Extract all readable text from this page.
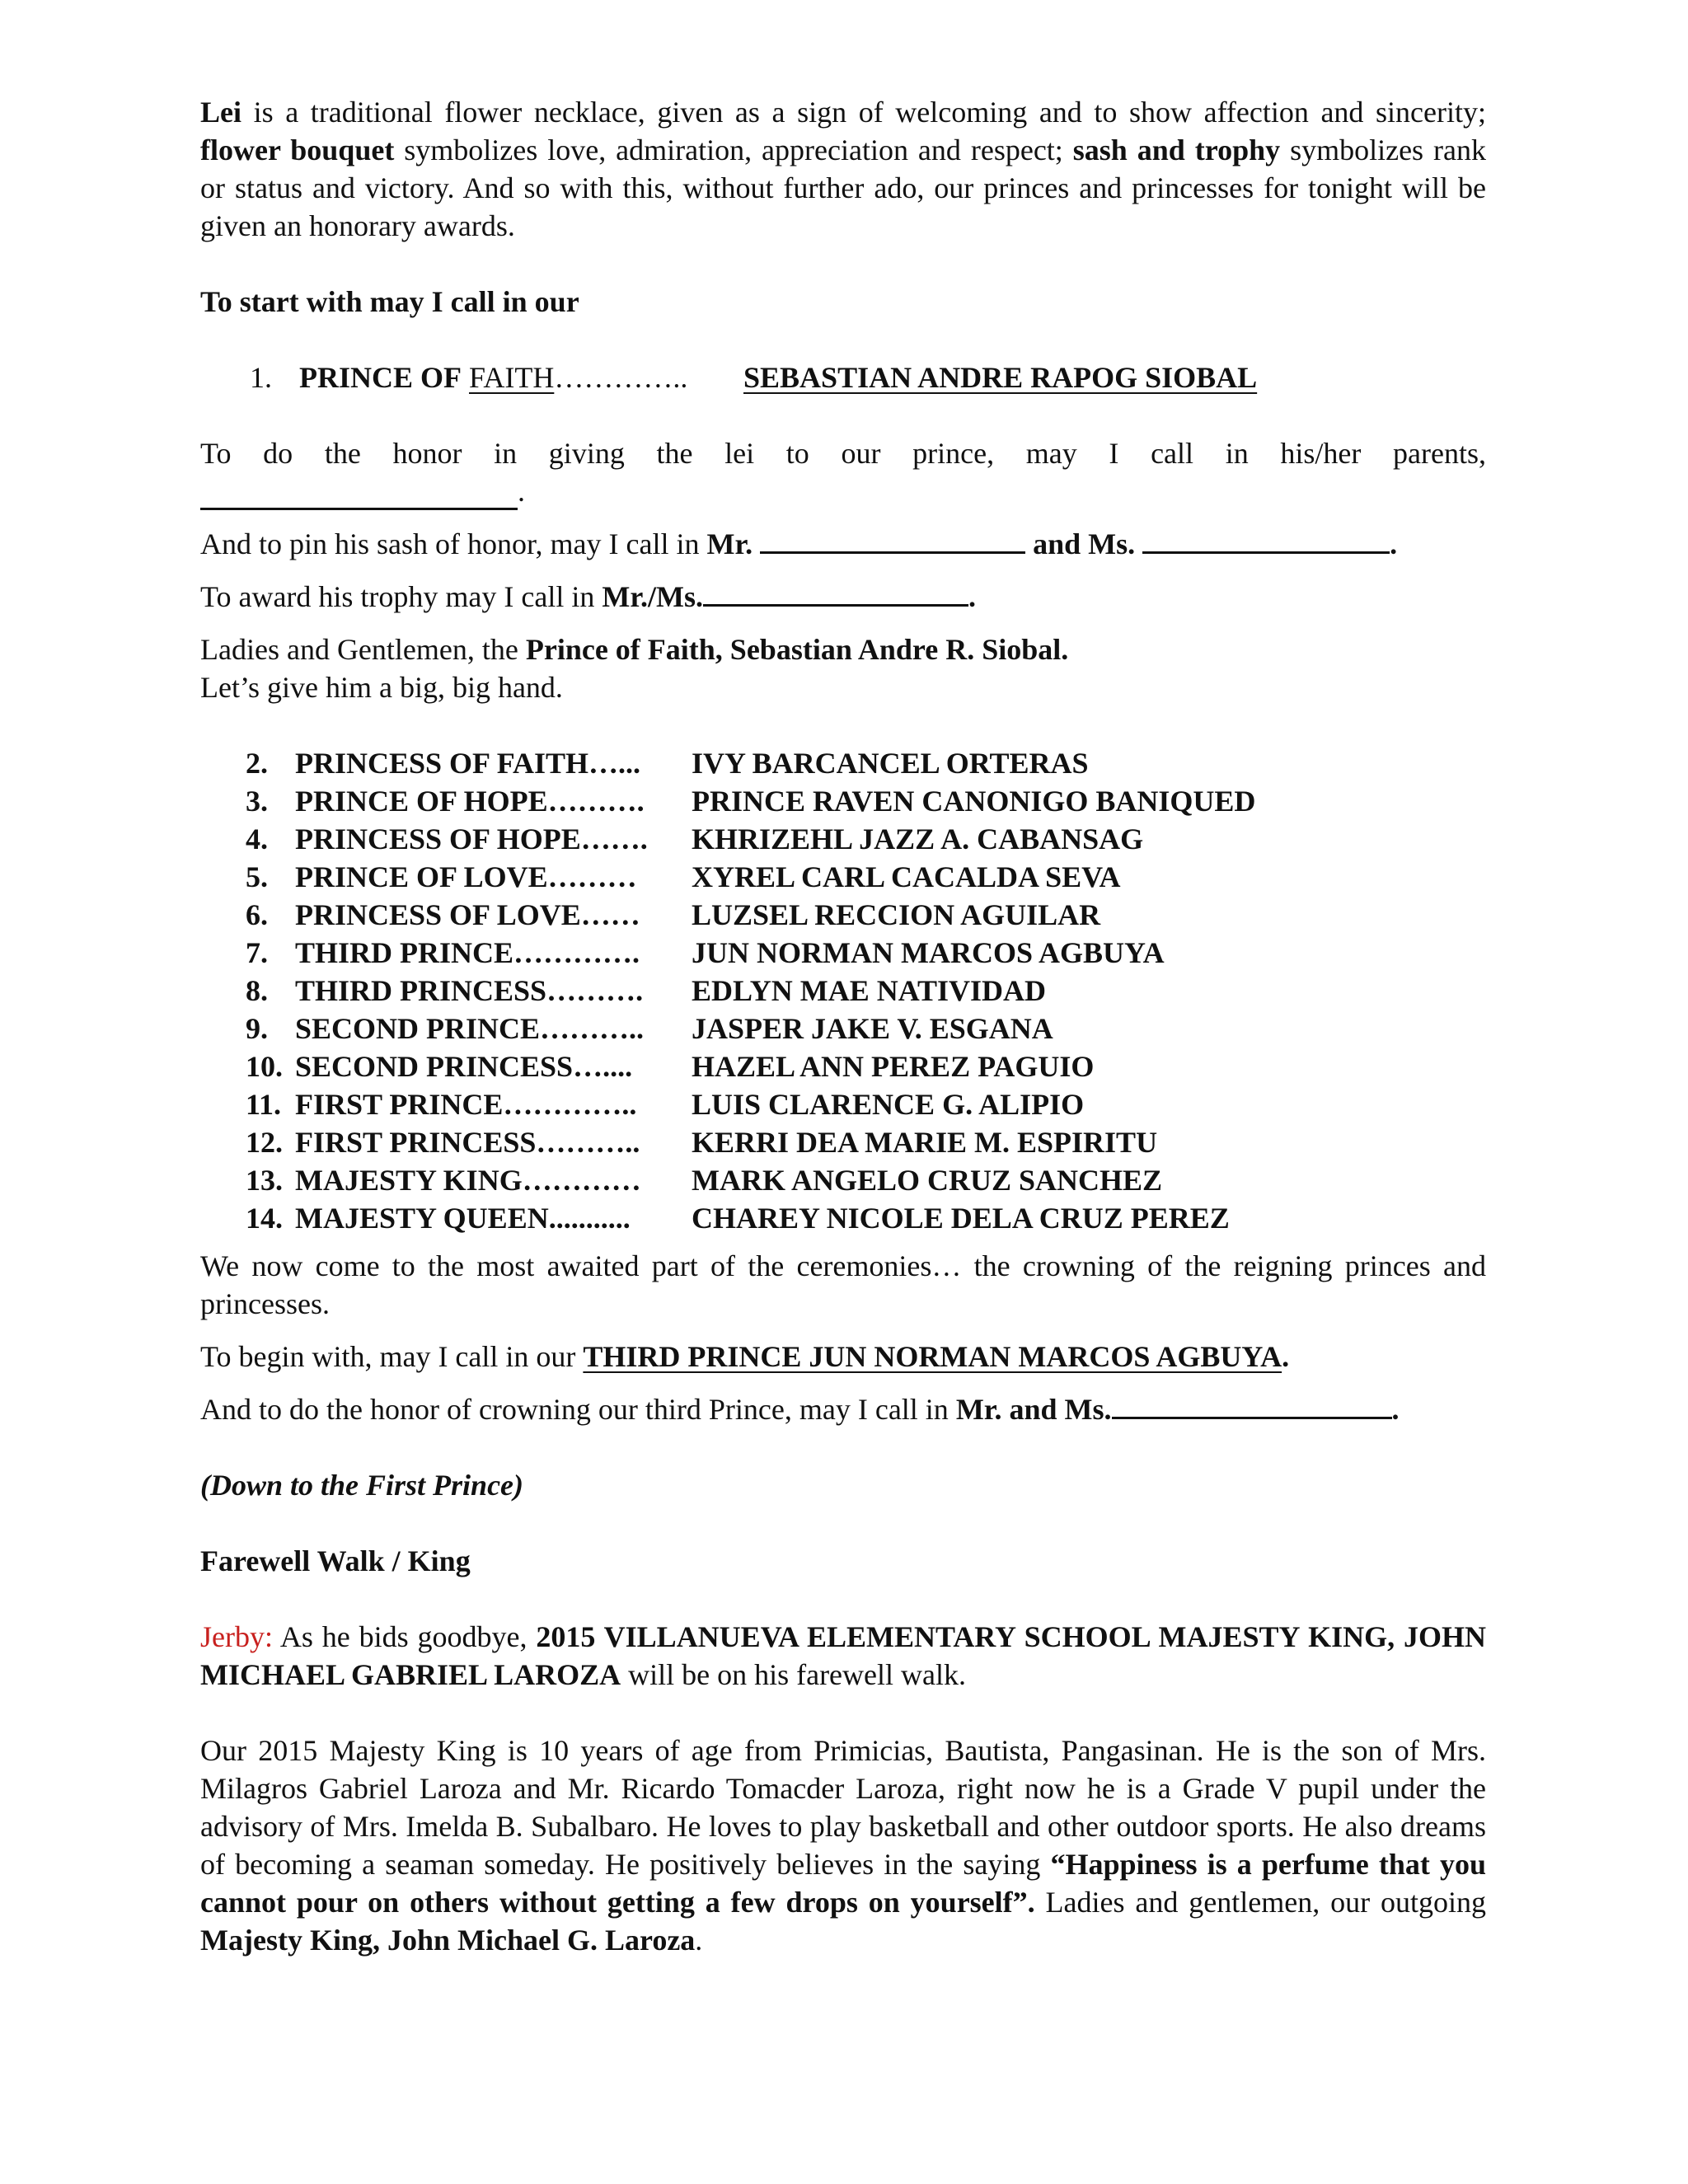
Lei is a traditional flower necklace, given as a sign of welcoming and to show affection and sincerity; flower bouquet symbolizes love, admiration, appreciation and respect; sash and trophy symbolizes rank or status and victory. And so with this, without further ado, our princes and princesses for tonight will be given an honorary awards.

To start with may I call in our

1. PRINCE OF FAITH…………..	SEBASTIAN ANDRE RAPOG SIOBAL

To do the honor in giving the lei to our prince, may I call in his/her parents,

.

And to pin his sash of honor, may I call in Mr.	and Ms.	.

To award his trophy may I call in Mr./Ms.	.

Ladies and Gentlemen, the Prince of Faith, Sebastian Andre R. Siobal.

Let’s give him a big, big hand.

2. PRINCESS OF FAITH…...	IVY BARCANCEL ORTERAS
3. PRINCE OF HOPE……….	PRINCE RAVEN CANONIGO BANIQUED
4. PRINCESS OF HOPE…….	KHRIZEHL JAZZ A. CABANSAG
5. PRINCE OF LOVE………	XYREL CARL CACALDA SEVA
6. PRINCESS OF LOVE……	LUZSEL RECCION AGUILAR
7. THIRD PRINCE………….	JUN NORMAN MARCOS AGBUYA
8. THIRD PRINCESS……….	EDLYN MAE NATIVIDAD
9. SECOND PRINCE………..	JASPER JAKE V. ESGANA
10. SECOND PRINCESS…....	HAZEL ANN PEREZ PAGUIO
11. FIRST PRINCE…………..	LUIS CLARENCE G. ALIPIO
12. FIRST PRINCESS………..	KERRI DEA MARIE M. ESPIRITU
13. MAJESTY KING…………	MARK ANGELO CRUZ SANCHEZ
14. MAJESTY QUEEN...........	CHAREY NICOLE DELA CRUZ PEREZ

We now come to the most awaited part of the ceremonies… the crowning of the reigning princes and princesses.

To begin with, may I call in our THIRD PRINCE JUN NORMAN MARCOS AGBUYA.

And to do the honor of crowning our third Prince, may I call in Mr. and Ms.	.

(Down to the First Prince)

Farewell Walk / King

Jerby: As he bids goodbye, 2015 VILLANUEVA ELEMENTARY SCHOOL MAJESTY KING, JOHN MICHAEL GABRIEL LAROZA will be on his farewell walk.

Our 2015 Majesty King is 10 years of age from Primicias, Bautista, Pangasinan. He is the son of Mrs. Milagros Gabriel Laroza and Mr. Ricardo Tomacder Laroza, right now he is a Grade V pupil under the advisory of Mrs. Imelda B. Subalbaro. He loves to play basketball and other outdoor sports. He also dreams of becoming a seaman someday. He positively believes in the saying “Happiness is a perfume that you cannot pour on others without getting a few drops on yourself”. Ladies and gentlemen, our outgoing Majesty King, John Michael G. Laroza.
